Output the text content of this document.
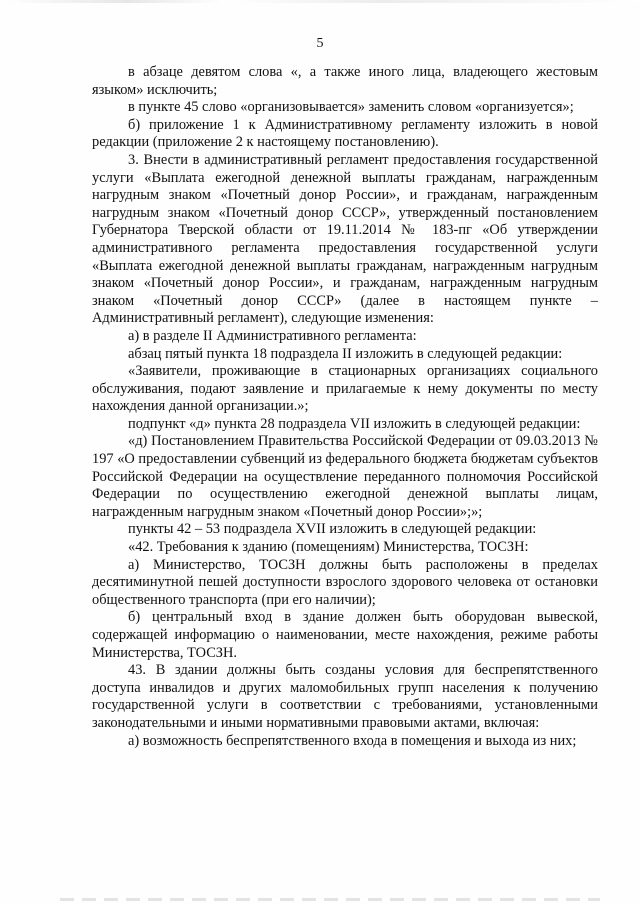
5

в абзаце девятом слова «, а также иного лица, владеющего жестовым языком» исключить;

в пункте 45 слово «организовывается» заменить словом «организуется»;

б) приложение 1 к Административному регламенту изложить в новой редакции (приложение 2 к настоящему постановлению).

3. Внести в административный регламент предоставления государственной услуги «Выплата ежегодной денежной выплаты гражданам, награжденным нагрудным знаком «Почетный донор России», и гражданам, награжденным нагрудным знаком «Почетный донор СССР», утвержденный постановлением Губернатора Тверской области от 19.11.2014 № 183-пг «Об утверждении административного регламента предоставления государственной услуги «Выплата ежегодной денежной выплаты гражданам, награжденным нагрудным знаком «Почетный донор России», и гражданам, награжденным нагрудным знаком «Почетный донор СССР» (далее в настоящем пункте – Административный регламент), следующие изменения:

а) в разделе II Административного регламента:

абзац пятый пункта 18 подраздела II изложить в следующей редакции:

«Заявители, проживающие в стационарных организациях социального обслуживания, подают заявление и прилагаемые к нему документы по месту нахождения данной организации.»;

подпункт «д» пункта 28 подраздела VII изложить в следующей редакции:

«д) Постановлением Правительства Российской Федерации от 09.03.2013 № 197 «О предоставлении субвенций из федерального бюджета бюджетам субъектов Российской Федерации на осуществление переданного полномочия Российской Федерации по осуществлению ежегодной денежной выплаты лицам, награжденным нагрудным знаком «Почетный донор России»;»;

пункты 42 – 53 подраздела XVII изложить в следующей редакции:

«42. Требования к зданию (помещениям) Министерства, ТОСЗН:

а) Министерство, ТОСЗН должны быть расположены в пределах десятиминутной пешей доступности взрослого здорового человека от остановки общественного транспорта (при его наличии);

б) центральный вход в здание должен быть оборудован вывеской, содержащей информацию о наименовании, месте нахождения, режиме работы Министерства, ТОСЗН.

43. В здании должны быть созданы условия для беспрепятственного доступа инвалидов и других маломобильных групп населения к получению государственной услуги в соответствии с требованиями, установленными законодательными и иными нормативными правовыми актами, включая:

а) возможность беспрепятственного входа в помещения и выхода из них;
